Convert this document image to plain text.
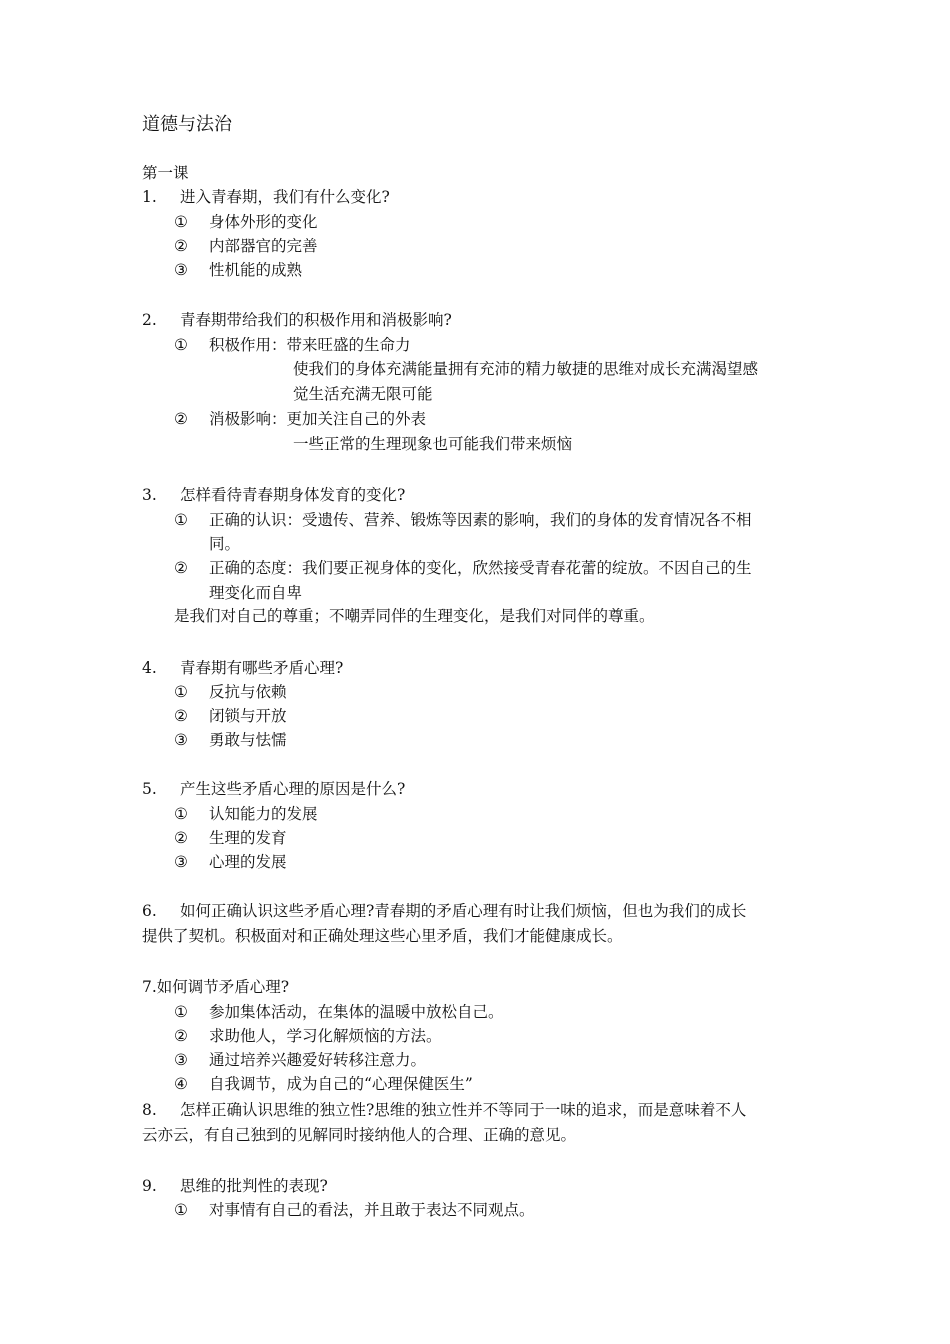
道德与法治
第一课
1. 进入青春期，我们有什么变化?
① 身体外形的变化
② 内部器官的完善
③ 性机能的成熟
2. 青春期带给我们的积极作用和消极影响?
① 积极作用：带来旺盛的生命力
使我们的身体充满能量拥有充沛的精力敏捷的思维对成长充满渴望感
觉生活充满无限可能
② 消极影响：更加关注自己的外表
一些正常的生理现象也可能我们带来烦恼
3. 怎样看待青春期身体发育的变化?
① 正确的认识：受遗传、营养、锻炼等因素的影响，我们的身体的发育情况各不相
同。
② 正确的态度：我们要正视身体的变化，欣然接受青春花蕾的绽放。不因自己的生
理变化而自卑
是我们对自己的尊重；不嘲弄同伴的生理变化，是我们对同伴的尊重。
4. 青春期有哪些矛盾心理?
① 反抗与依赖
② 闭锁与开放
③ 勇敢与怯懦
5. 产生这些矛盾心理的原因是什么?
① 认知能力的发展
② 生理的发育
③ 心理的发展
6. 如何正确认识这些矛盾心理?青春期的矛盾心理有时让我们烦恼，但也为我们的成长
提供了契机。积极面对和正确处理这些心里矛盾，我们才能健康成长。
7.如何调节矛盾心理?
① 参加集体活动，在集体的温暖中放松自己。
② 求助他人，学习化解烦恼的方法。
③ 通过培养兴趣爱好转移注意力。
④ 自我调节，成为自己的“心理保健医生”
8. 怎样正确认识思维的独立性?思维的独立性并不等同于一味的追求，而是意味着不人
云亦云，有自己独到的见解同时接纳他人的合理、正确的意见。
9. 思维的批判性的表现?
① 对事情有自己的看法，并且敢于表达不同观点。
